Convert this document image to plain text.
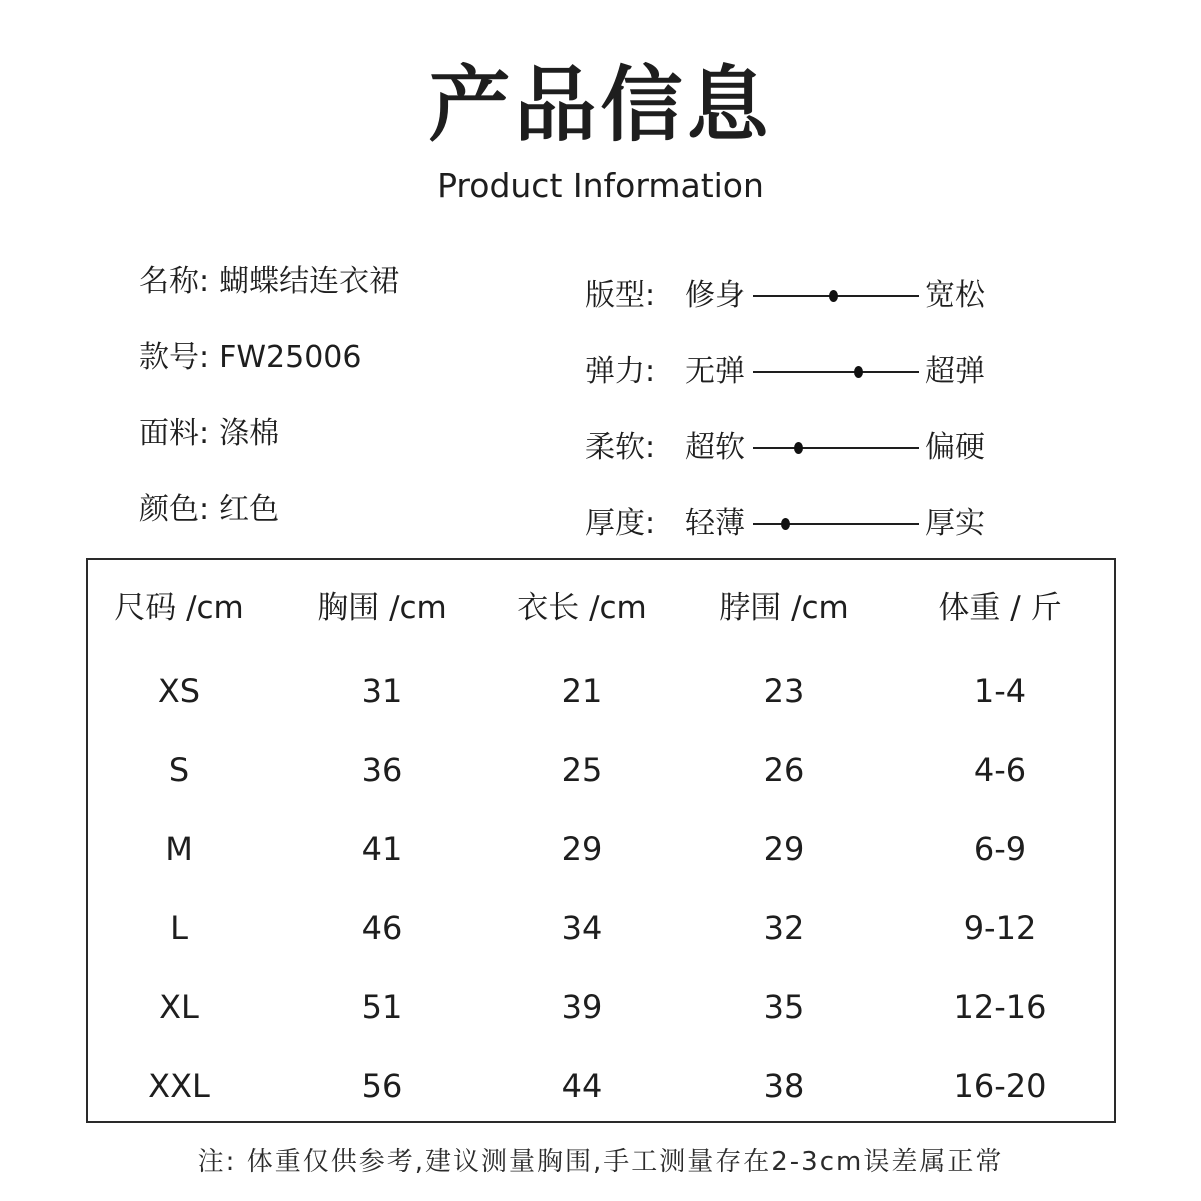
产品信息
Product Information
名称: 蝴蝶结连衣裙
款号: FW25006
面料: 涤棉
颜色: 红色
版型: 修身	宽松
弹力: 无弹	超弹
柔软: 超软	偏硬
厚度: 轻薄	厚实
尺码 /cm	胸围 /cm	衣长 /cm	脖围 /cm	体重 / 斤
XS	31	21	23	1-4
S	36	25	26	4-6
M	41	29	29	6-9
L	46	34	32	9-12
XL	51	39	35	12-16
XXL	56	44	38	16-20
注: 体重仅供参考,建议测量胸围,手工测量存在2-3cm误差属正常
